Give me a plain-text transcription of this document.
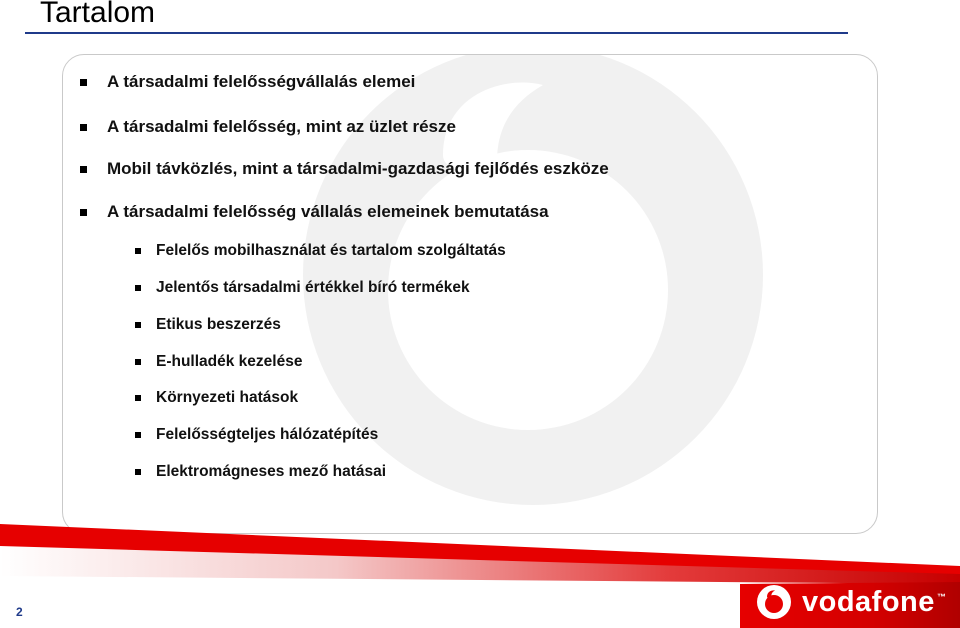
Tartalom
A társadalmi felelősségvállalás elemei
A társadalmi felelősség, mint az üzlet része
Mobil távközlés, mint a társadalmi-gazdasági fejlődés eszköze
A társadalmi felelősség vállalás elemeinek bemutatása
Felelős mobilhasználat és tartalom szolgáltatás
Jelentős társadalmi értékkel bíró termékek
Etikus beszerzés
E-hulladék kezelése
Környezeti hatások
Felelősségteljes hálózatépítés
Elektromágneses mező hatásai
vodafone ™
2
